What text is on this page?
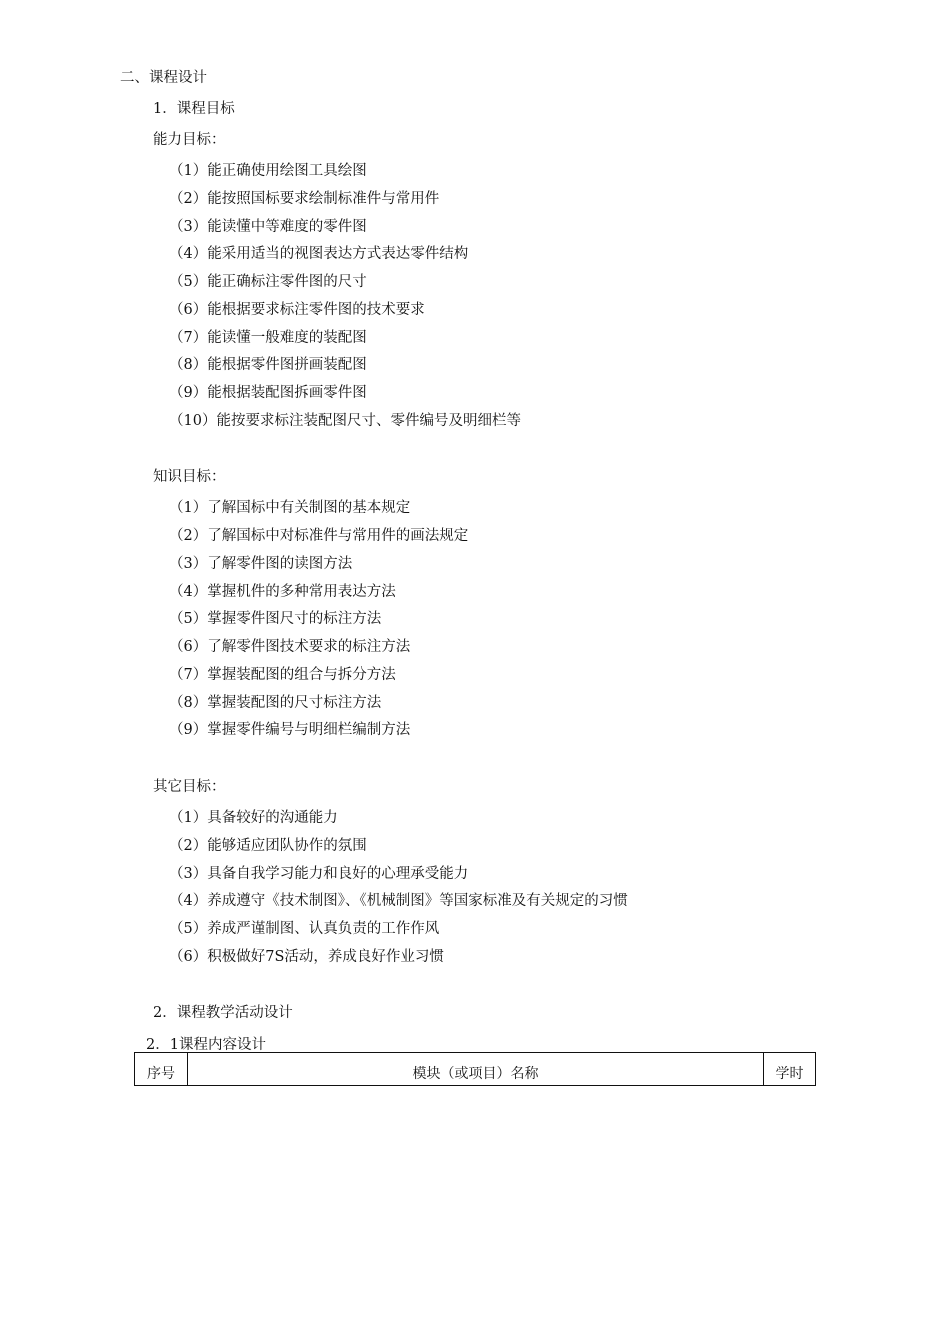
二、课程设计
1．课程目标
能力目标：
（1）能正确使用绘图工具绘图
（2）能按照国标要求绘制标准件与常用件
（3）能读懂中等难度的零件图
（4）能采用适当的视图表达方式表达零件结构
（5）能正确标注零件图的尺寸
（6）能根据要求标注零件图的技术要求
（7）能读懂一般难度的装配图
（8）能根据零件图拼画装配图
（9）能根据装配图拆画零件图
（10）能按要求标注装配图尺寸、零件编号及明细栏等
知识目标：
（1）了解国标中有关制图的基本规定
（2）了解国标中对标准件与常用件的画法规定
（3）了解零件图的读图方法
（4）掌握机件的多种常用表达方法
（5）掌握零件图尺寸的标注方法
（6）了解零件图技术要求的标注方法
（7）掌握装配图的组合与拆分方法
（8）掌握装配图的尺寸标注方法
（9）掌握零件编号与明细栏编制方法
其它目标：
（1）具备较好的沟通能力
（2）能够适应团队协作的氛围
（3）具备自我学习能力和良好的心理承受能力
（4）养成遵守《技术制图》、《机械制图》等国家标准及有关规定的习惯
（5）养成严谨制图、认真负责的工作作风
（6）积极做好7S活动，养成良好作业习惯
2．课程教学活动设计
2．1课程内容设计
序号	模块（或项目）名称	学时
